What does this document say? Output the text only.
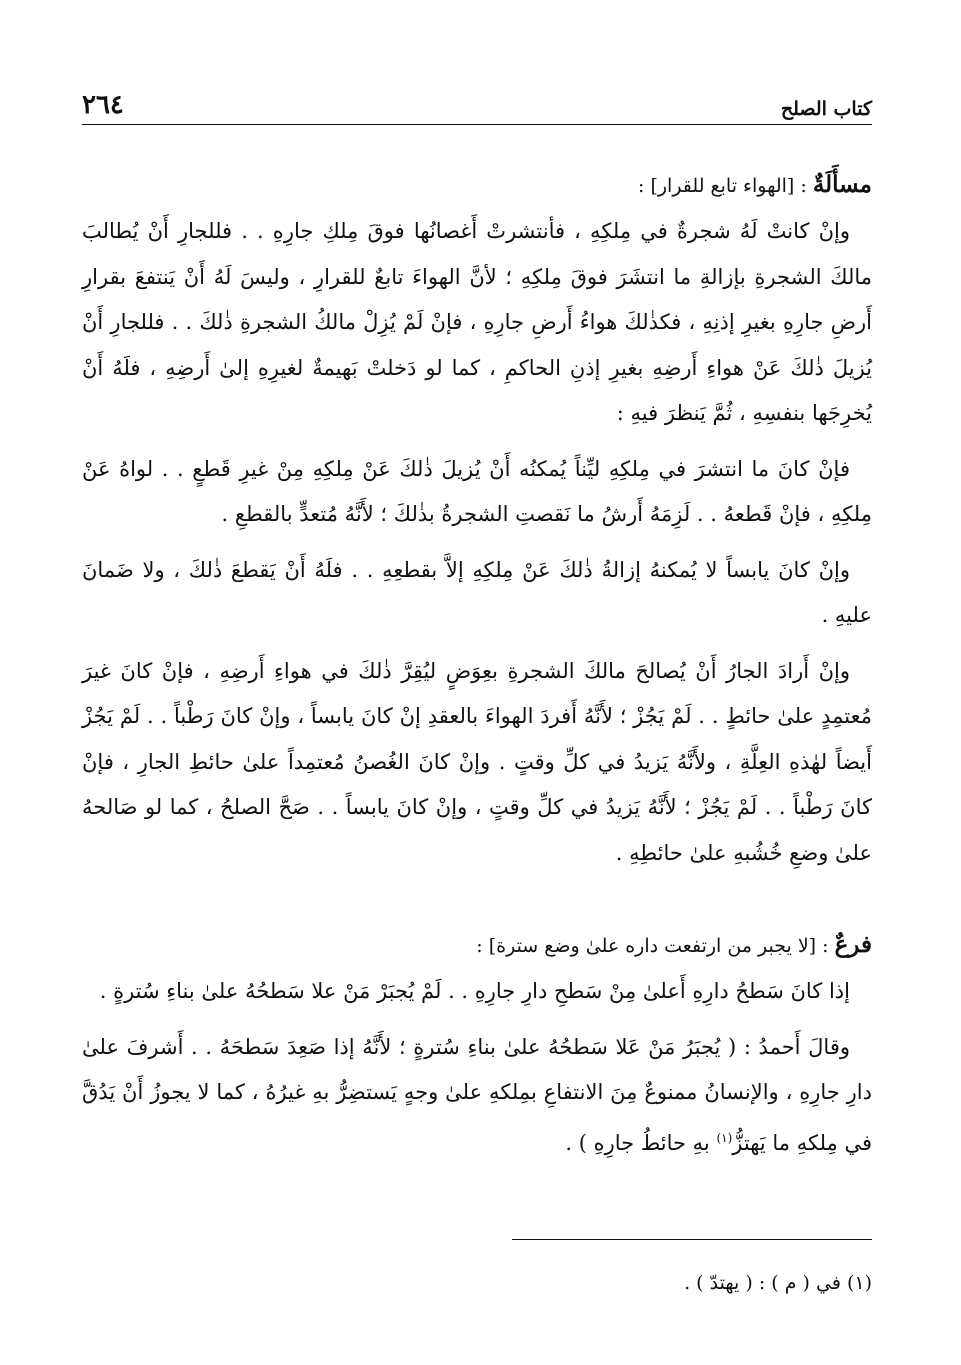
كتاب الصلح
٢٦٤
مسأَلَةٌ : [الهواء تابع للقرار] :

وإنْ كانتْ لَهُ شجرةٌ في مِلكِهِ ، فأنتشرتْ أَغصانُها فوقَ مِلكِ جارِهِ . . فللجارِ أَنْ يُطالبَ مالكَ الشجرةِ بإزالةِ ما انتشَرَ فوقَ مِلكِهِ ؛ لأنَّ الهواءَ تابعٌ للقرارِ ، وليسَ لَهُ أَنْ يَنتفعَ بقرارِ أَرضِ جارِهِ بغيرِ إذنِهِ ، فكذٰلكَ هواءُ أَرضِ جارِهِ ، فإنْ لَمْ يُزِلْ مالكُ الشجرةِ ذٰلكَ . . فللجارِ أَنْ يُزيلَ ذٰلكَ عَنْ هواءِ أَرضِهِ بغيرِ إذنِ الحاكمِ ، كما لو دَخلتْ بَهيمةٌ لغيرِهِ إلىٰ أَرضِهِ ، فلَهُ أَنْ يُخرِجَها بنفسِهِ ، ثُمَّ يَنظرَ فيهِ :

فإنْ كانَ ما انتشرَ في مِلكِهِ ليِّناً يُمكنُه أَنْ يُزيلَ ذٰلكَ عَنْ مِلكِهِ مِنْ غيرِ قَطعٍ . . لواهُ عَنْ مِلكِهِ ، فإنْ قَطعهُ . . لَزِمَهُ أَرشُ ما نَقصتِ الشجرةُ بذٰلكَ ؛ لأَنَّهُ مُتعدٍّ بالقطعِ .

وإنْ كانَ يابساً لا يُمكنهُ إزالةُ ذٰلكَ عَنْ مِلكِهِ إلاَّ بقطعِهِ . . فلَهُ أَنْ يَقطعَ ذٰلكَ ، ولا ضَمانَ عليهِ .

وإنْ أَرادَ الجارُ أَنْ يُصالحَ مالكَ الشجرةِ بعِوَضٍ ليُقِرَّ ذٰلكَ في هواءِ أَرضِهِ ، فإنْ كانَ غيرَ مُعتمِدٍ علىٰ حائطٍ . . لَمْ يَجُزْ ؛ لأَنَّهُ أَفردَ الهواءَ بالعقدِ إنْ كانَ يابساً ، وإنْ كانَ رَطْباً . . لَمْ يَجُزْ أَيضاً لهٰذهِ العِلَّةِ ، ولأَنَّهُ يَزيدُ في كلِّ وقتٍ . وإنْ كانَ الغُصنُ مُعتمِداً علىٰ حائطِ الجارِ ، فإنْ كانَ رَطْباً . . لَمْ يَجُزْ ؛ لأَنَّهُ يَزيدُ في كلِّ وقتٍ ، وإنْ كانَ يابساً . . صَحَّ الصلحُ ، كما لو صَالحهُ علىٰ وضعِ خُشُبهِ علىٰ حائطِهِ .

فرعٌ : [لا يجبر من ارتفعت داره علىٰ وضع سترة] :

إذا كانَ سَطحُ دارِهِ أَعلىٰ مِنْ سَطحِ دارِ جارِهِ . . لَمْ يُجبَرْ مَنْ علا سَطحُهُ علىٰ بناءِ سُترةٍ .

وقالَ أَحمدُ : ( يُجبَرُ مَنْ عَلا سَطحُهُ علىٰ بناءِ سُترةٍ ؛ لأَنَّهُ إذا صَعِدَ سَطحَهُ . . أَشرفَ علىٰ دارِ جارِهِ ، والإنسانُ ممنوعٌ مِنَ الانتفاعِ بمِلكهِ علىٰ وجهٍ يَستضِرُّ بهِ غيرُهُ ، كما لا يجوزُ أَنْ يَدُقَّ في مِلكهِ ما يَهتزُّ$^{(١)}$ بهِ حائطُ جارِهِ ) .

(١) في ( م ) : ( يهتدّ ) .
